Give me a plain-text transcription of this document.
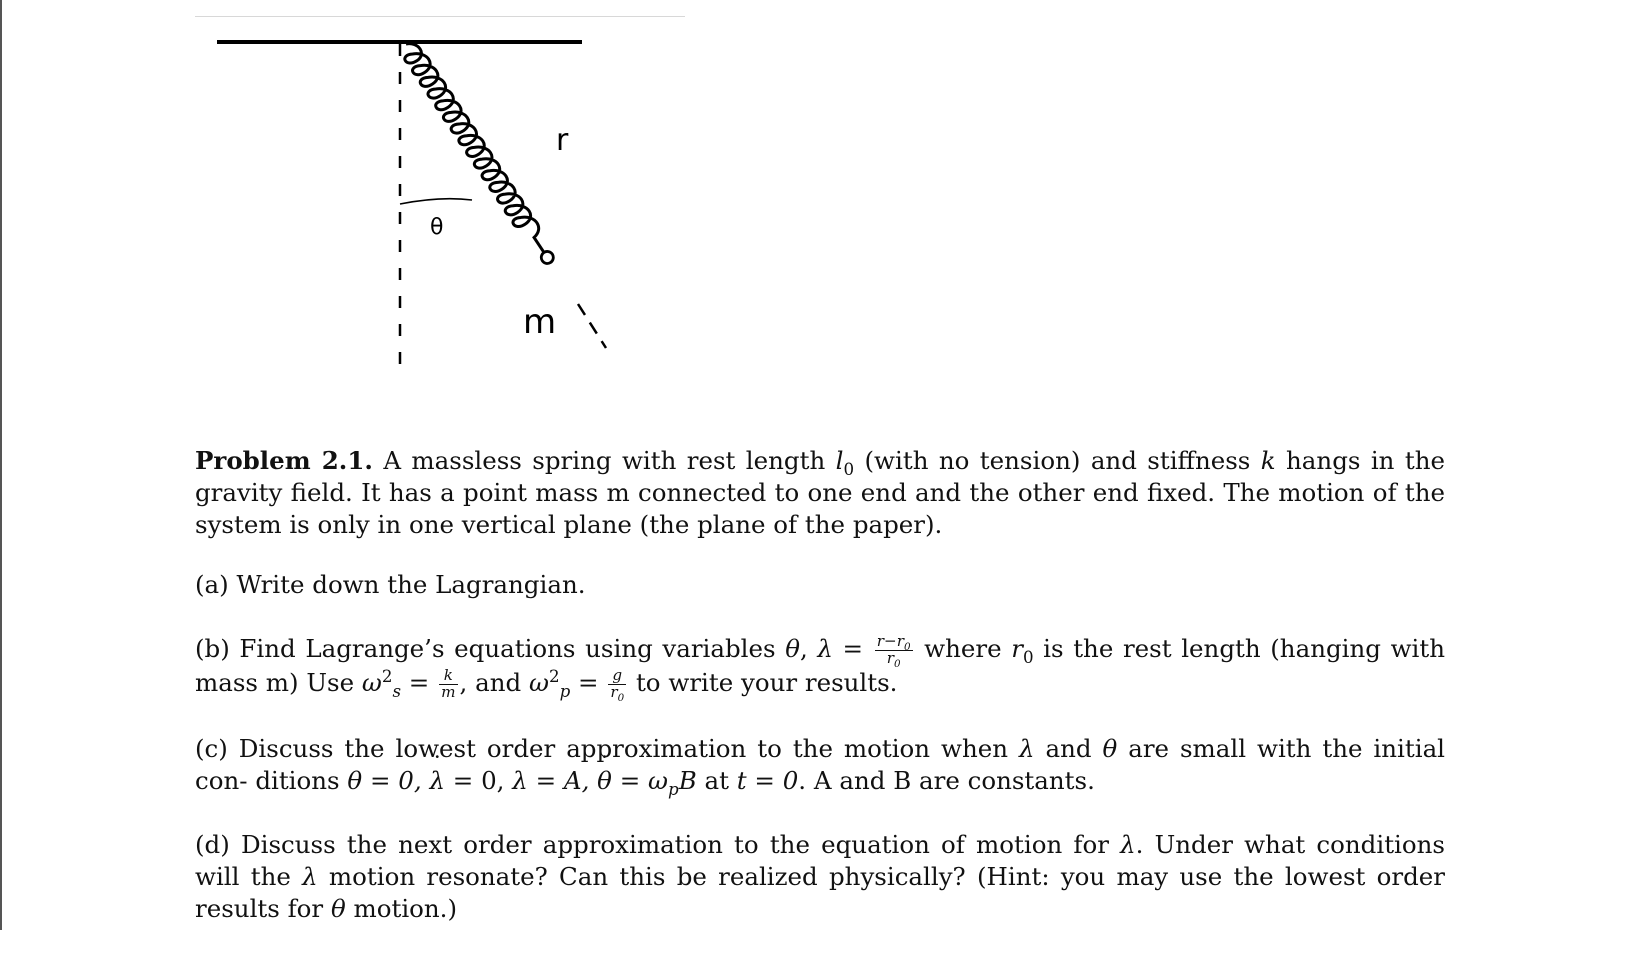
r
θ
m

Problem 2.1. A massless spring with rest length $l_0$ (with no tension) and stiffness k hangs in the gravity field. It has a point mass m connected to one end and the other end fixed. The motion of the system is only in one vertical plane (the plane of the paper).

(a) Write down the Lagrangian.

(b) Find Lagrange’s equations using variables θ, $\lambda = \frac{r-r_0}{r_0}$ where $r_0$ is the rest length (hanging with mass m) Use $\omega^2_s = \frac{k}{m}$ , and $\omega^2_p = \frac{g}{r_0}$ to write your results.

(c) Discuss the lowest order approximation to the motion when λ and θ are small with the initial con- ditions θ = 0, λ ˙ = 0, λ = A, θ ˙ = $\omega_pB$ at t = 0. A and B are constants.

(d) Discuss the next order approximation to the equation of motion for λ. Under what conditions will the λ motion resonate? Can this be realized physically? (Hint: you may use the lowest order results for θ motion.)
